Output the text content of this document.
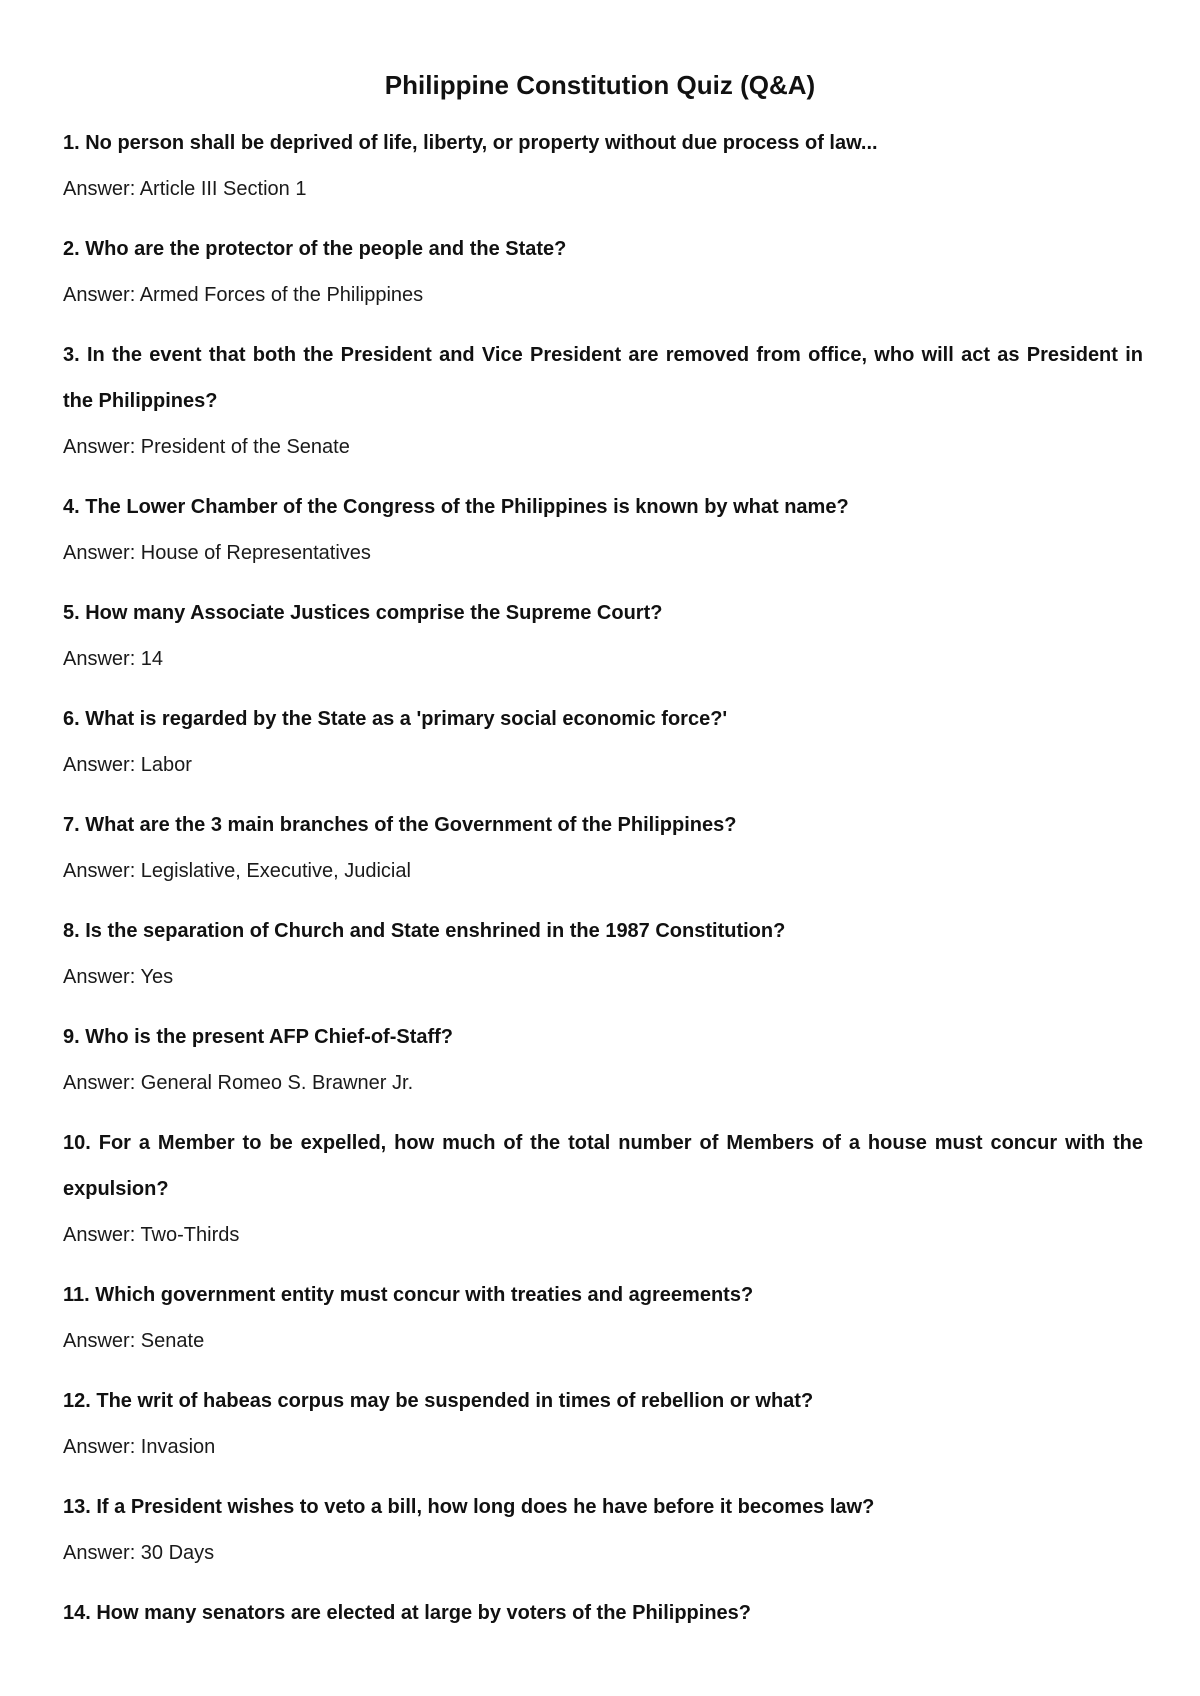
Philippine Constitution Quiz (Q&A)

1. No person shall be deprived of life, liberty, or property without due process of law...

Answer: Article III Section 1

2. Who are the protector of the people and the State?

Answer: Armed Forces of the Philippines

3. In the event that both the President and Vice President are removed from office, who will act as President in the Philippines?

Answer: President of the Senate

4. The Lower Chamber of the Congress of the Philippines is known by what name?

Answer: House of Representatives

5. How many Associate Justices comprise the Supreme Court?

Answer: 14

6. What is regarded by the State as a 'primary social economic force?'

Answer: Labor

7. What are the 3 main branches of the Government of the Philippines?

Answer: Legislative, Executive, Judicial

8. Is the separation of Church and State enshrined in the 1987 Constitution?

Answer: Yes

9. Who is the present AFP Chief-of-Staff?

Answer: General Romeo S. Brawner Jr.

10. For a Member to be expelled, how much of the total number of Members of a house must concur with the expulsion?

Answer: Two-Thirds

11. Which government entity must concur with treaties and agreements?

Answer: Senate

12. The writ of habeas corpus may be suspended in times of rebellion or what?

Answer: Invasion

13. If a President wishes to veto a bill, how long does he have before it becomes law?

Answer: 30 Days

14. How many senators are elected at large by voters of the Philippines?
